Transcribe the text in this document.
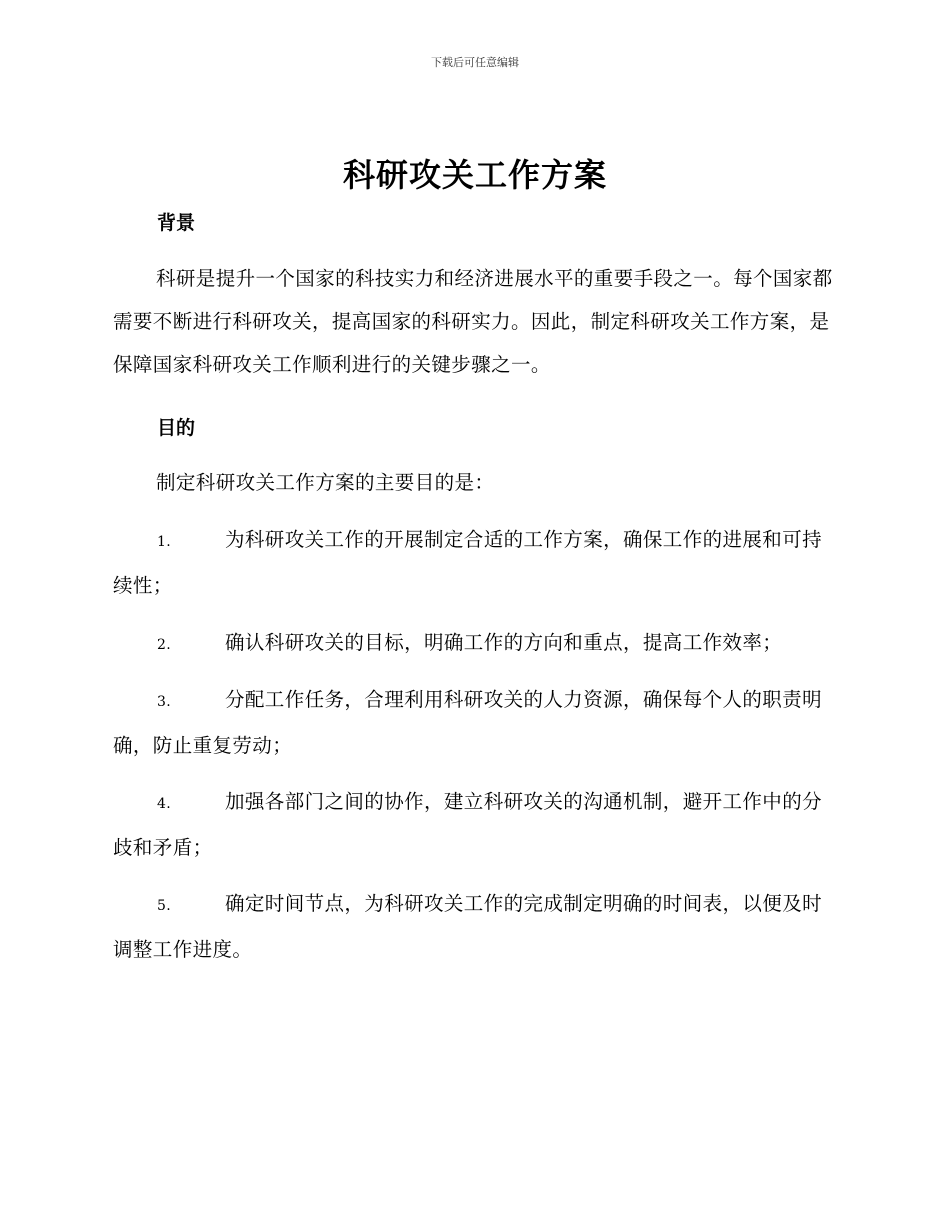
下载后可任意编辑
科研攻关工作方案
背景
科研是提升一个国家的科技实力和经济进展水平的重要手段之一。每个国家都需要不断进行科研攻关，提高国家的科研实力。因此，制定科研攻关工作方案，是保障国家科研攻关工作顺利进行的关键步骤之一。
目的
制定科研攻关工作方案的主要目的是：
1.	为科研攻关工作的开展制定合适的工作方案，确保工作的进展和可持续性；
2.	确认科研攻关的目标，明确工作的方向和重点，提高工作效率；
3.	分配工作任务，合理利用科研攻关的人力资源，确保每个人的职责明确，防止重复劳动；
4.	加强各部门之间的协作，建立科研攻关的沟通机制，避开工作中的分歧和矛盾；
5.	确定时间节点，为科研攻关工作的完成制定明确的时间表，以便及时调整工作进度。
